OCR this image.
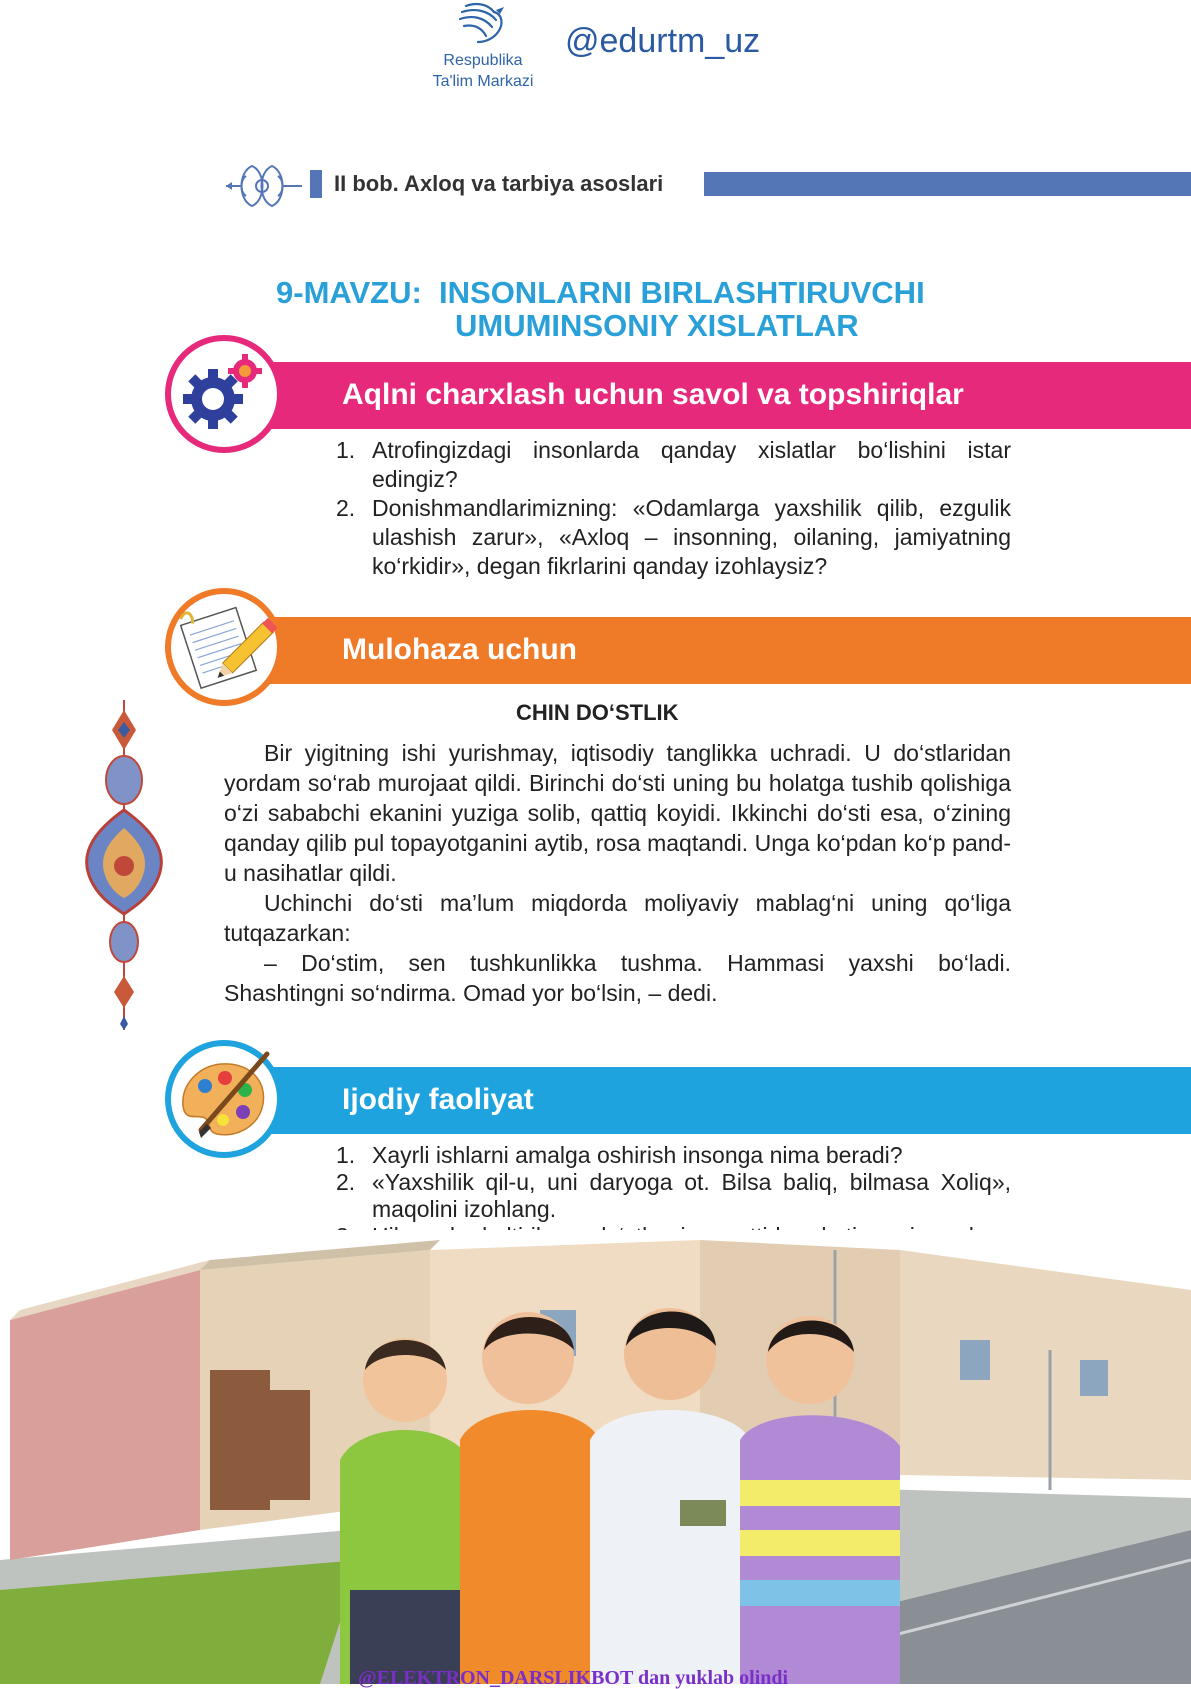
Respublika
Ta'lim Markazi
@edurtm_uz
II bob. Axloq va tarbiya asoslari
9-MAVZU:  INSONLARNI BIRLASHTIRUVCHI
UMUMINSONIY XISLATLAR
Aqlni charxlash uchun savol va topshiriqlar
1. Atrofingizdagi insonlarda qanday xislatlar bo‘lishini istar edingiz?
2. Donishmandlarimizning: «Odamlarga yaxshilik qilib, ezgulik ulashish zarur», «Axloq – insonning, oilaning, jamiyatning ko‘rkidir», degan fikrlarini qanday izohlaysiz?
Mulohaza uchun
CHIN DO‘STLIK

Bir yigitning ishi yurishmay, iqtisodiy tanglikka uchradi. U do‘stlaridan yordam so‘rab murojaat qildi. Birinchi do‘sti uning bu holatga tushib qolishiga o‘zi sababchi ekanini yuziga solib, qattiq koyidi. Ikkinchi do‘sti esa, o‘zining qanday qilib pul topayotganini aytib, rosa maqtandi. Unga ko‘pdan ko‘p pand-u nasihatlar qildi.

Uchinchi do‘sti ma’lum miqdorda moliyaviy mablag‘ni uning qo‘liga tutqazarkan:

– Do‘stim, sen tushkunlikka tushma. Hammasi yaxshi bo‘ladi. Shashtingni so‘ndirma. Omad yor bo‘lsin, – dedi.

Ijodiy faoliyat
1. Xayrli ishlarni amalga oshirish insonga nima beradi?
2. «Yaxshilik qil-u, uni daryoga ot. Bilsa baliq, bilmasa Xoliq», maqolini izohlang.
@ELEKTRON_DARSLIKBOT dan yuklab olindi
